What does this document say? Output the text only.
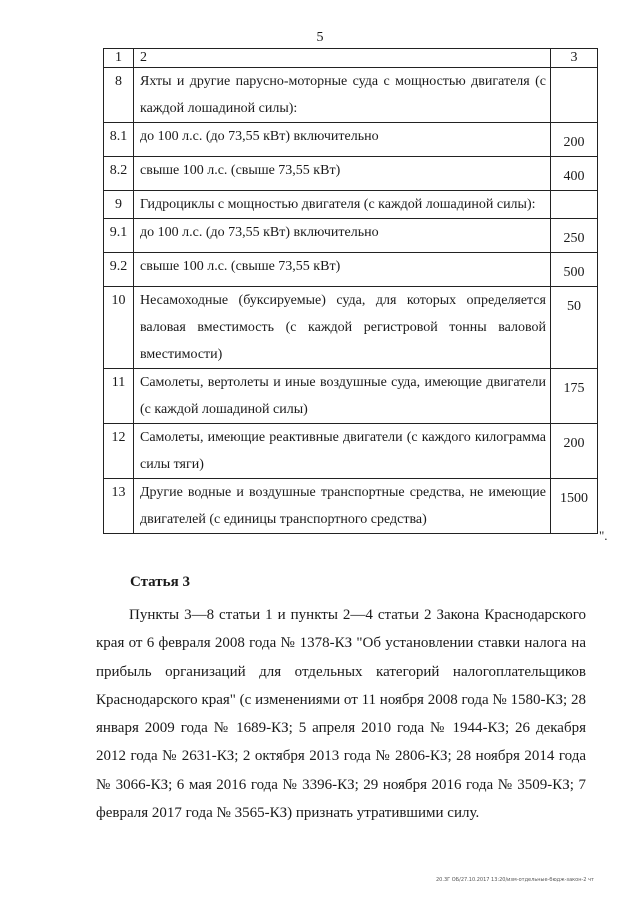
5
1	2	3
8	Яхты и другие парусно-моторные суда с мощностью двигателя (с каждой лошадиной силы):	
8.1	до 100 л.с. (до 73,55 кВт) включительно	200
8.2	свыше 100 л.с. (свыше 73,55 кВт)	400
9	Гидроциклы с мощностью двигателя (с каждой лошадиной силы):	
9.1	до 100 л.с. (до 73,55 кВт) включительно	250
9.2	свыше 100 л.с. (свыше 73,55 кВт)	500
10	Несамоходные (буксируемые) суда, для которых определяется валовая вместимость (с каждой регистровой тонны валовой вместимости)	50
11	Самолеты, вертолеты и иные воздушные суда, имеющие двигатели (с каждой лошадиной силы)	175
12	Самолеты, имеющие реактивные двигатели (с каждого килограмма силы тяги)	200
13	Другие водные и воздушные транспортные средства, не имеющие двигателей (с единицы транспортного средства)	1500
".
Статья 3

Пункты 3—8 статьи 1 и пункты 2—4 статьи 2 Закона Краснодарского края от 6 февраля 2008 года № 1378-КЗ "Об установлении ставки налога на прибыль организаций для отдельных категорий налогоплательщиков Краснодарского края" (с изменениями от 11 ноября 2008 года № 1580-КЗ; 28 января 2009 года № 1689-КЗ; 5 апреля 2010 года № 1944-КЗ; 26 декабря 2012 года № 2631-КЗ; 2 октября 2013 года № 2806-КЗ; 28 ноября 2014 года № 3066-КЗ; 6 мая 2016 года № 3396-КЗ; 29 ноября 2016 года № 3509-КЗ; 7 февраля 2017 года № 3565-КЗ) признать утратившими силу.

20.3Г ОБ/27.10.2017 13:20/изм-отдельные-бюдж-закон-2 чт
